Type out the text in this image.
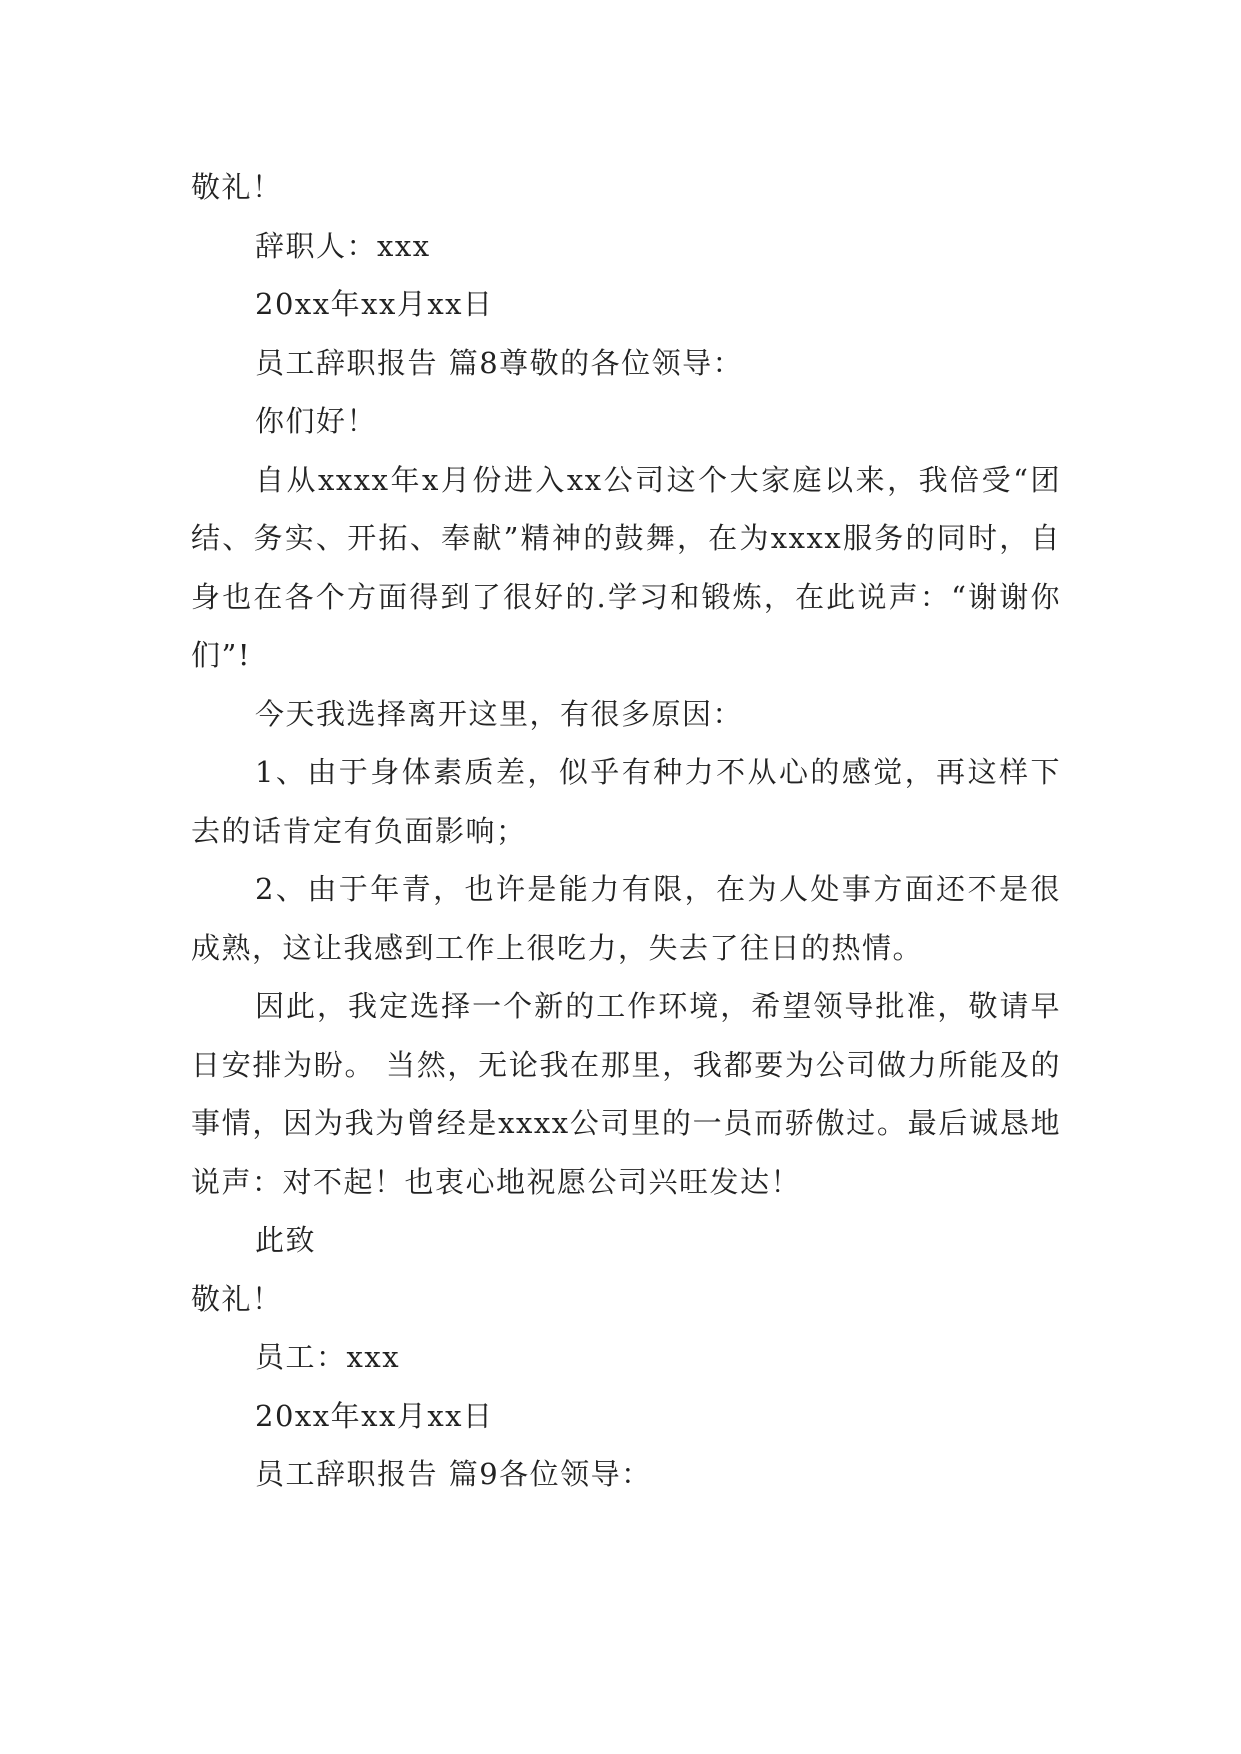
敬礼！

辞职人：xxx

20xx年xx月xx日

员工辞职报告 篇8尊敬的各位领导：

你们好！

自从xxxx年x月份进入xx公司这个大家庭以来，我倍受“团结、务实、开拓、奉献”精神的鼓舞，在为xxxx服务的同时，自身也在各个方面得到了很好的.学习和锻炼，在此说声：“谢谢你们”!

今天我选择离开这里，有很多原因：

1、由于身体素质差，似乎有种力不从心的感觉，再这样下去的话肯定有负面影响；

2、由于年青，也许是能力有限，在为人处事方面还不是很成熟，这让我感到工作上很吃力，失去了往日的热情。

因此，我定选择一个新的工作环境，希望领导批准，敬请早日安排为盼。 当然，无论我在那里，我都要为公司做力所能及的事情，因为我为曾经是xxxx公司里的一员而骄傲过。最后诚恳地说声：对不起！也衷心地祝愿公司兴旺发达！

此致

敬礼！

员工：xxx

20xx年xx月xx日

员工辞职报告 篇9各位领导：
